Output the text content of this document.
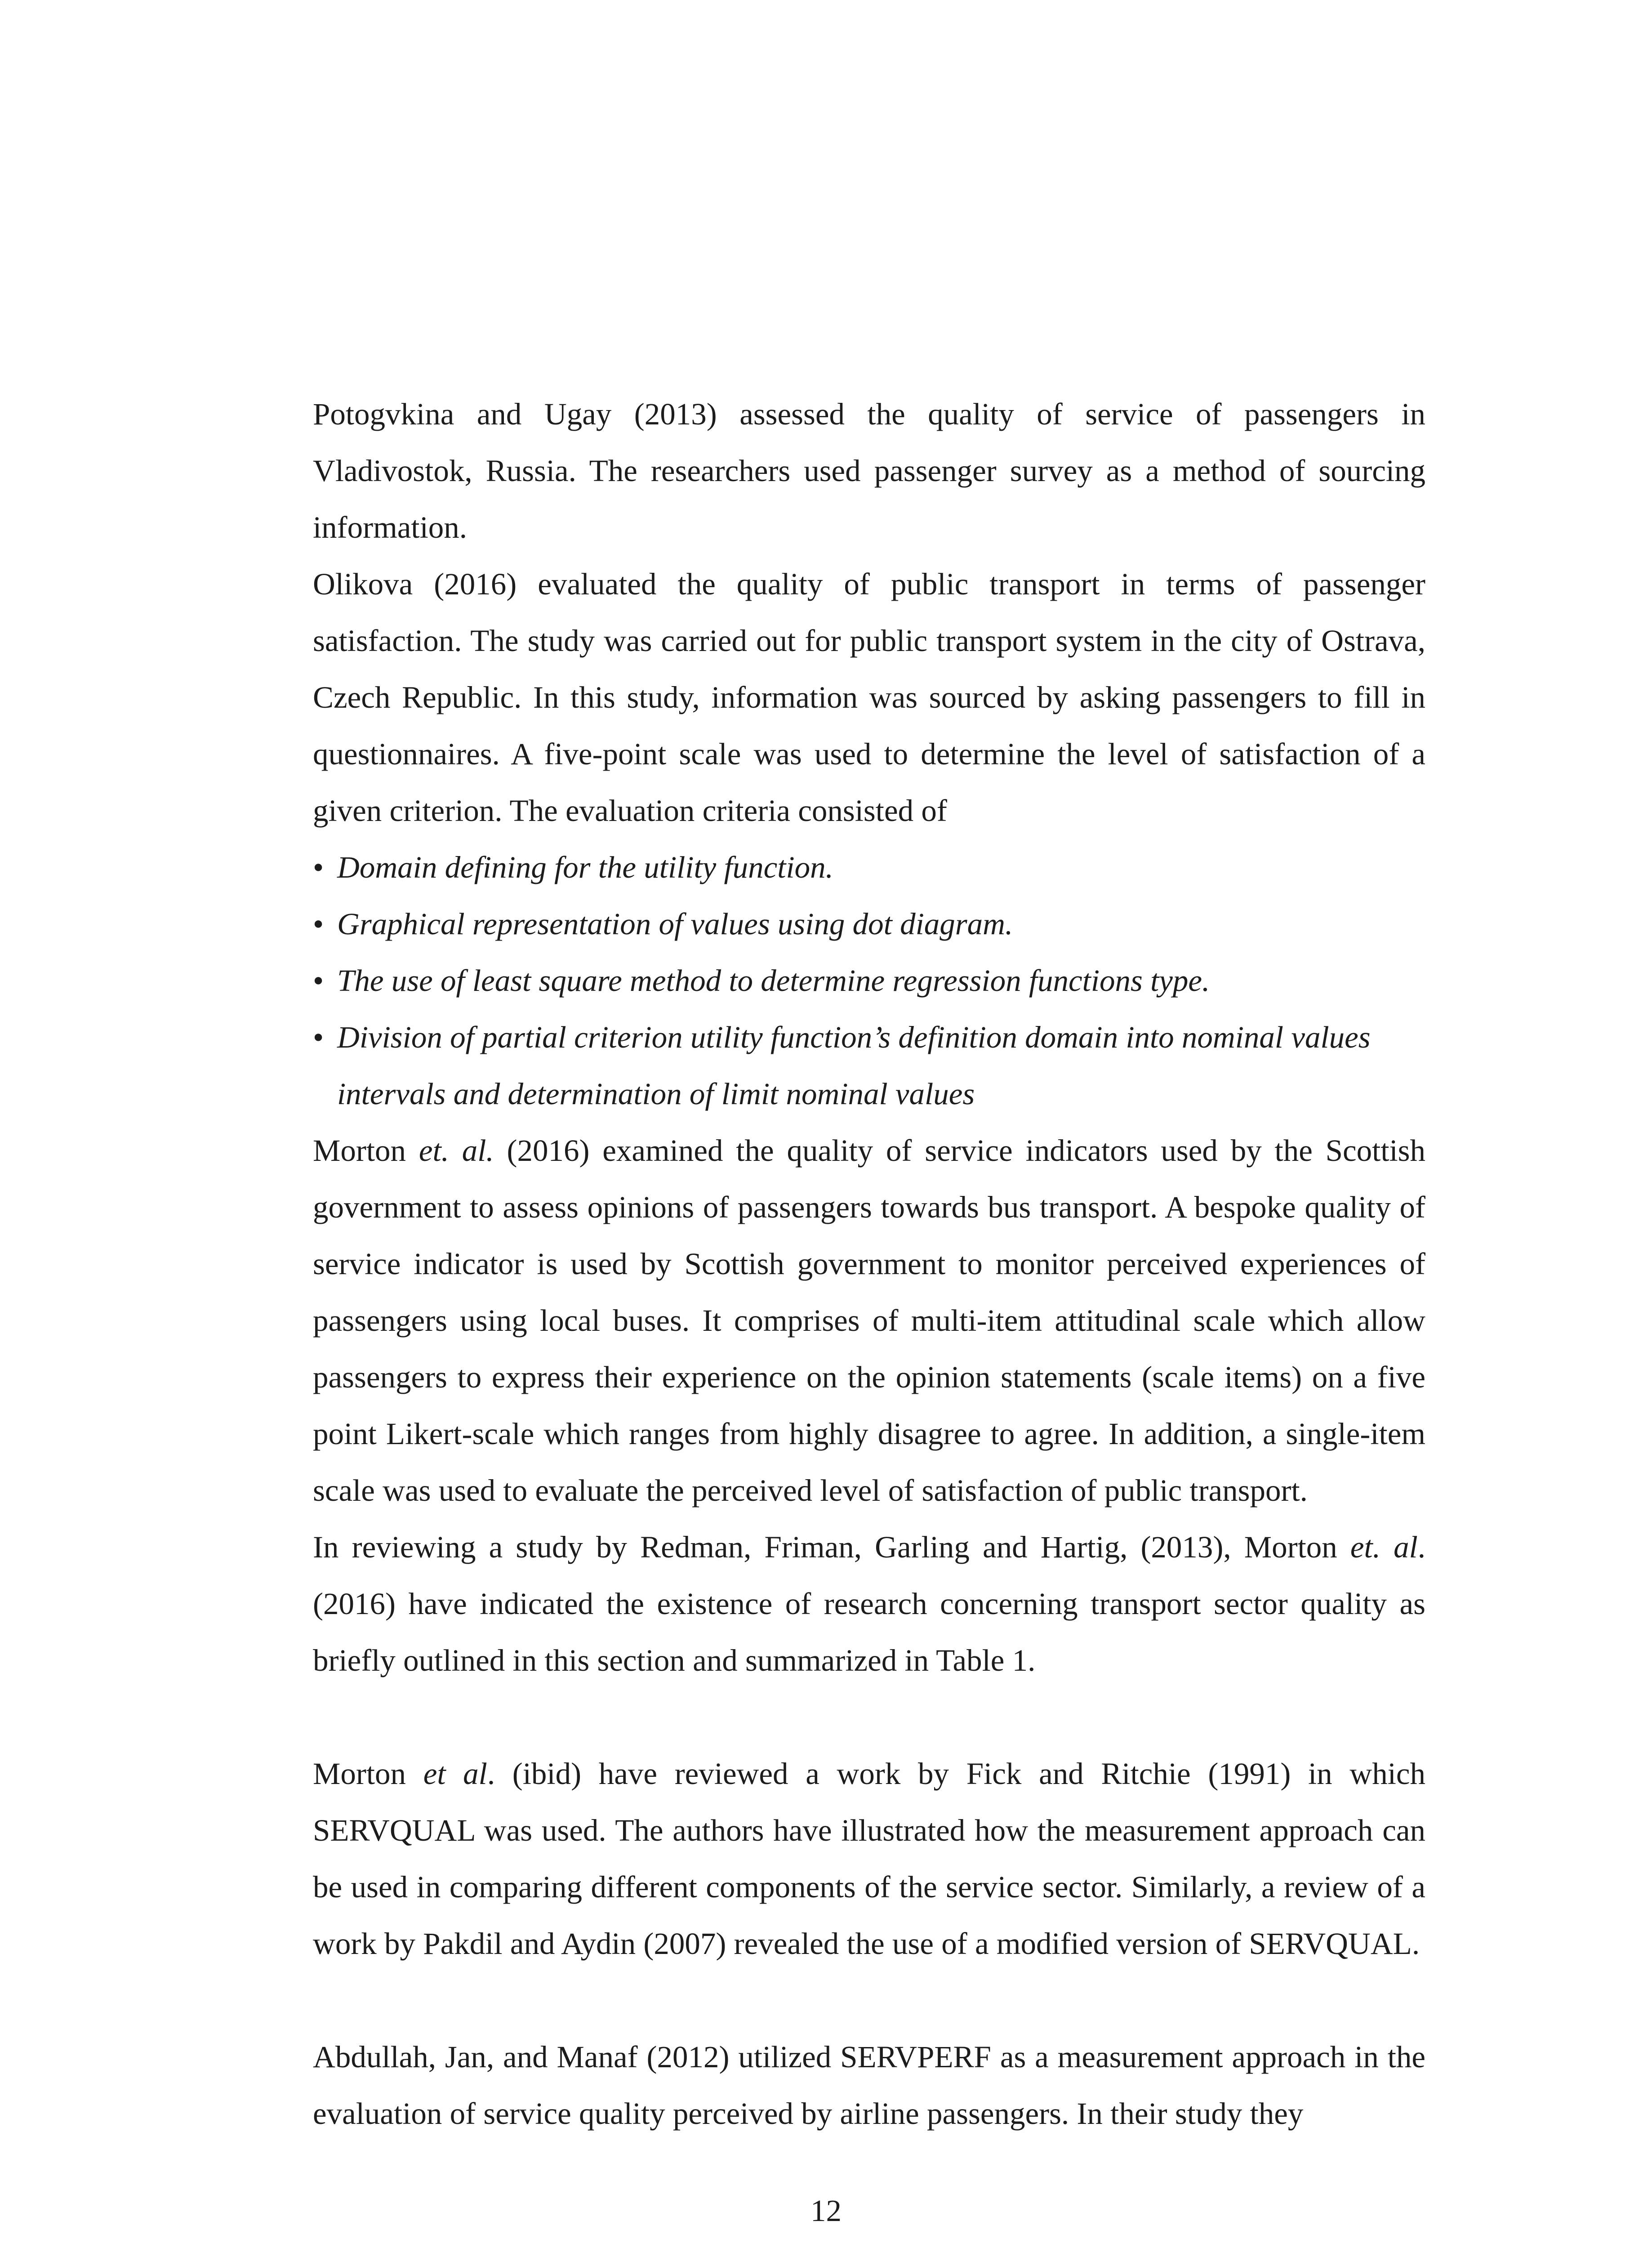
Potogvkina and Ugay (2013) assessed the quality of service of passengers in Vladivostok, Russia. The researchers used passenger survey as a method of sourcing information.

Olikova (2016) evaluated the quality of public transport in terms of passenger satisfaction. The study was carried out for public transport system in the city of Ostrava, Czech Republic. In this study, information was sourced by asking passengers to fill in questionnaires. A five-point scale was used to determine the level of satisfaction of a given criterion. The evaluation criteria consisted of

• Domain defining for the utility function.
• Graphical representation of values using dot diagram.
• The use of least square method to determine regression functions type.
• Division of partial criterion utility function’s definition domain into nominal values intervals and determination of limit nominal values

Morton et. al. (2016) examined the quality of service indicators used by the Scottish government to assess opinions of passengers towards bus transport. A bespoke quality of service indicator is used by Scottish government to monitor perceived experiences of passengers using local buses. It comprises of multi-item attitudinal scale which allow passengers to express their experience on the opinion statements (scale items) on a five point Likert-scale which ranges from highly disagree to agree. In addition, a single-item scale was used to evaluate the perceived level of satisfaction of public transport.

In reviewing a study by Redman, Friman, Garling and Hartig, (2013), Morton et. al. (2016) have indicated the existence of research concerning transport sector quality as briefly outlined in this section and summarized in Table 1.

Morton et al. (ibid) have reviewed a work by Fick and Ritchie (1991) in which SERVQUAL was used. The authors have illustrated how the measurement approach can be used in comparing different components of the service sector. Similarly, a review of a work by Pakdil and Aydin (2007) revealed the use of a modified version of SERVQUAL.

Abdullah, Jan, and Manaf (2012) utilized SERVPERF as a measurement approach in the evaluation of service quality perceived by airline passengers. In their study they

12
